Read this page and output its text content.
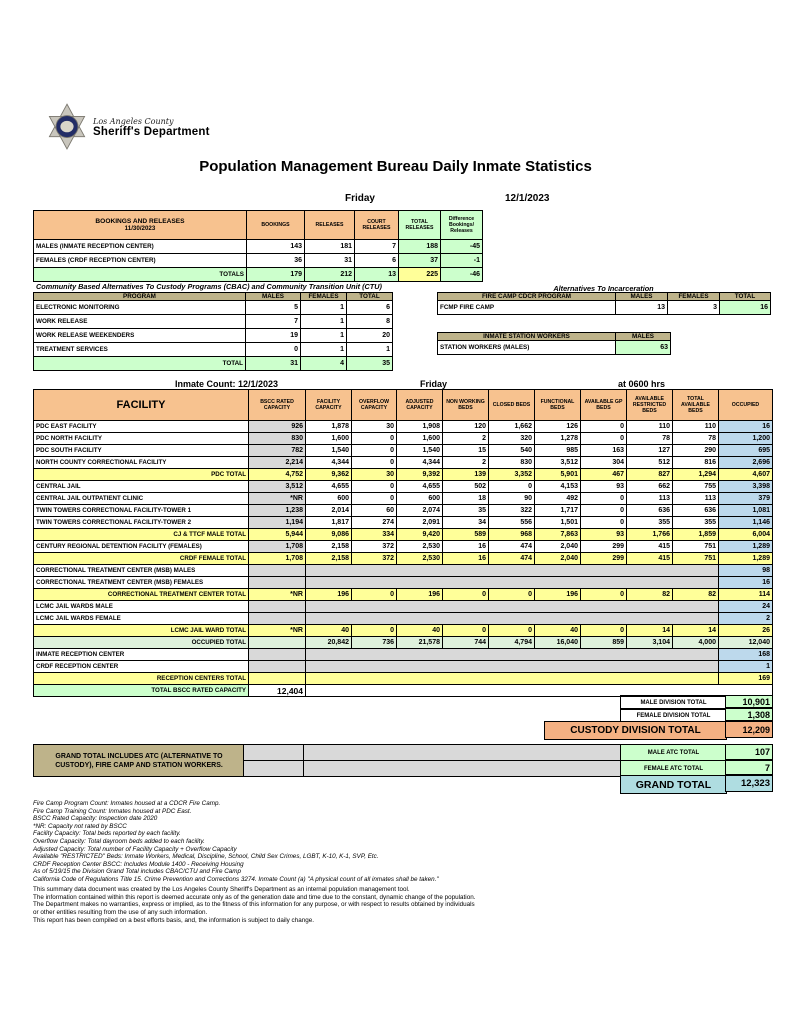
Los Angeles County
Sheriff's Department
Population Management Bureau Daily Inmate Statistics
Friday	12/1/2023
BOOKINGS AND RELEASES
11/30/2023	BOOKINGS	RELEASES	COURT RELEASES	TOTAL RELEASES	Difference Bookings/ Releases
MALES (INMATE RECEPTION CENTER)	143	181	7	188	-45
FEMALES (CRDF RECEPTION CENTER)	36	31	6	37	-1
TOTALS	179	212	13	225	-46
Community Based Alternatives To Custody Programs (CBAC) and Community Transition Unit (CTU)
PROGRAM	MALES	FEMALES	TOTAL
ELECTRONIC MONITORING	5	1	6
WORK RELEASE	7	1	8
WORK RELEASE WEEKENDERS	19	1	20
TREATMENT SERVICES	0	1	1
TOTAL	31	4	35
Alternatives To Incarceration
FIRE CAMP CDCR PROGRAM	MALES	FEMALES	TOTAL
FCMP FIRE CAMP	13	3	16
INMATE STATION WORKERS	MALES
STATION WORKERS (MALES)	63
Inmate Count: 12/1/2023	Friday	at 0600 hrs
FACILITY	BSCC RATED CAPACITY	FACILITY CAPACITY	OVERFLOW CAPACITY	ADJUSTED CAPACITY	NON WORKING BEDS	CLOSED BEDS	FUNCTIONAL BEDS	AVAILABLE GP BEDS	AVAILABLE RESTRICTED BEDS	TOTAL AVAILABLE BEDS	OCCUPIED
PDC EAST FACILITY	926	1,878	30	1,908	120	1,662	126	0	110	110	16
PDC NORTH FACILITY	830	1,600	0	1,600	2	320	1,278	0	78	78	1,200
PDC SOUTH FACILITY	782	1,540	0	1,540	15	540	985	163	127	290	695
NORTH COUNTY CORRECTIONAL FACILITY	2,214	4,344	0	4,344	2	830	3,512	304	512	816	2,696
PDC TOTAL	4,752	9,362	30	9,392	139	3,352	5,901	467	827	1,294	4,607
CENTRAL JAIL	3,512	4,655	0	4,655	502	0	4,153	93	662	755	3,398
CENTRAL JAIL OUTPATIENT CLINIC	*NR	600	0	600	18	90	492	0	113	113	379
TWIN TOWERS CORRECTIONAL FACILITY-TOWER 1	1,238	2,014	60	2,074	35	322	1,717	0	636	636	1,081
TWIN TOWERS CORRECTIONAL FACILITY-TOWER 2	1,194	1,817	274	2,091	34	556	1,501	0	355	355	1,146
CJ & TTCF MALE TOTAL	5,944	9,086	334	9,420	589	968	7,863	93	1,766	1,859	6,004
CENTURY REGIONAL DETENTION FACILITY (FEMALES)	1,708	2,158	372	2,530	16	474	2,040	299	415	751	1,289
CRDF FEMALE TOTAL	1,708	2,158	372	2,530	16	474	2,040	299	415	751	1,289
CORRECTIONAL TREATMENT CENTER (MSB) MALES											98
CORRECTIONAL TREATMENT CENTER (MSB) FEMALES											16
CORRECTIONAL TREATMENT CENTER TOTAL	*NR	196	0	196	0	0	196	0	82	82	114
LCMC JAIL WARDS MALE											24
LCMC JAIL WARDS FEMALE											2
LCMC JAIL WARD TOTAL	*NR	40	0	40	0	0	40	0	14	14	26
OCCUPIED TOTAL		20,842	736	21,578	744	4,794	16,040	859	3,104	4,000	12,040
INMATE RECEPTION CENTER											168
CRDF RECEPTION CENTER											1
RECEPTION CENTERS TOTAL											169
TOTAL BSCC RATED CAPACITY	12,404										
MALE DIVISION TOTAL	10,901
FEMALE DIVISION TOTAL	1,308
CUSTODY DIVISION TOTAL	12,209
GRAND TOTAL INCLUDES ATC (ALTERNATIVE TO
CUSTODY), FIRE CAMP AND STATION WORKERS.
MALE ATC TOTAL	107
FEMALE ATC TOTAL	7
GRAND TOTAL	12,323
Fire Camp Program Count: Inmates housed at a CDCR Fire Camp.
Fire Camp Training Count: Inmates housed at PDC East.
BSCC Rated Capacity: Inspection date 2020
*NR: Capacity not rated by BSCC
Facility Capacity: Total beds reported by each facility.
Overflow Capacity: Total dayroom beds added to each facility.
Adjusted Capacity: Total number of Facility Capacity + Overflow Capacity
Available "RESTRICTED" Beds: Inmate Workers, Medical, Discipline, School, Child Sex Crimes, LGBT, K-10, K-1, SVP, Etc.
CRDF Reception Center BSCC: Includes Module 1400 - Receiving Housing
As of 5/19/15 the Division Grand Total includes CBAC/CTU and Fire Camp
California Code of Regulations Title 15. Crime Prevention and Corrections 3274. Inmate Count (a) "A physical count of all inmates shall be taken."
This summary data document was created by the Los Angeles County Sheriff's Department as an internal population management tool.
The information contained within this report is deemed accurate only as of the generation date and time due to the constant, dynamic change of the population.
The Department makes no warranties, express or implied, as to the fitness of this information for any purpose, or with respect to results obtained by individuals
or other entities resulting from the use of any such information.
This report has been compiled on a best efforts basis, and, the information is subject to daily change.
